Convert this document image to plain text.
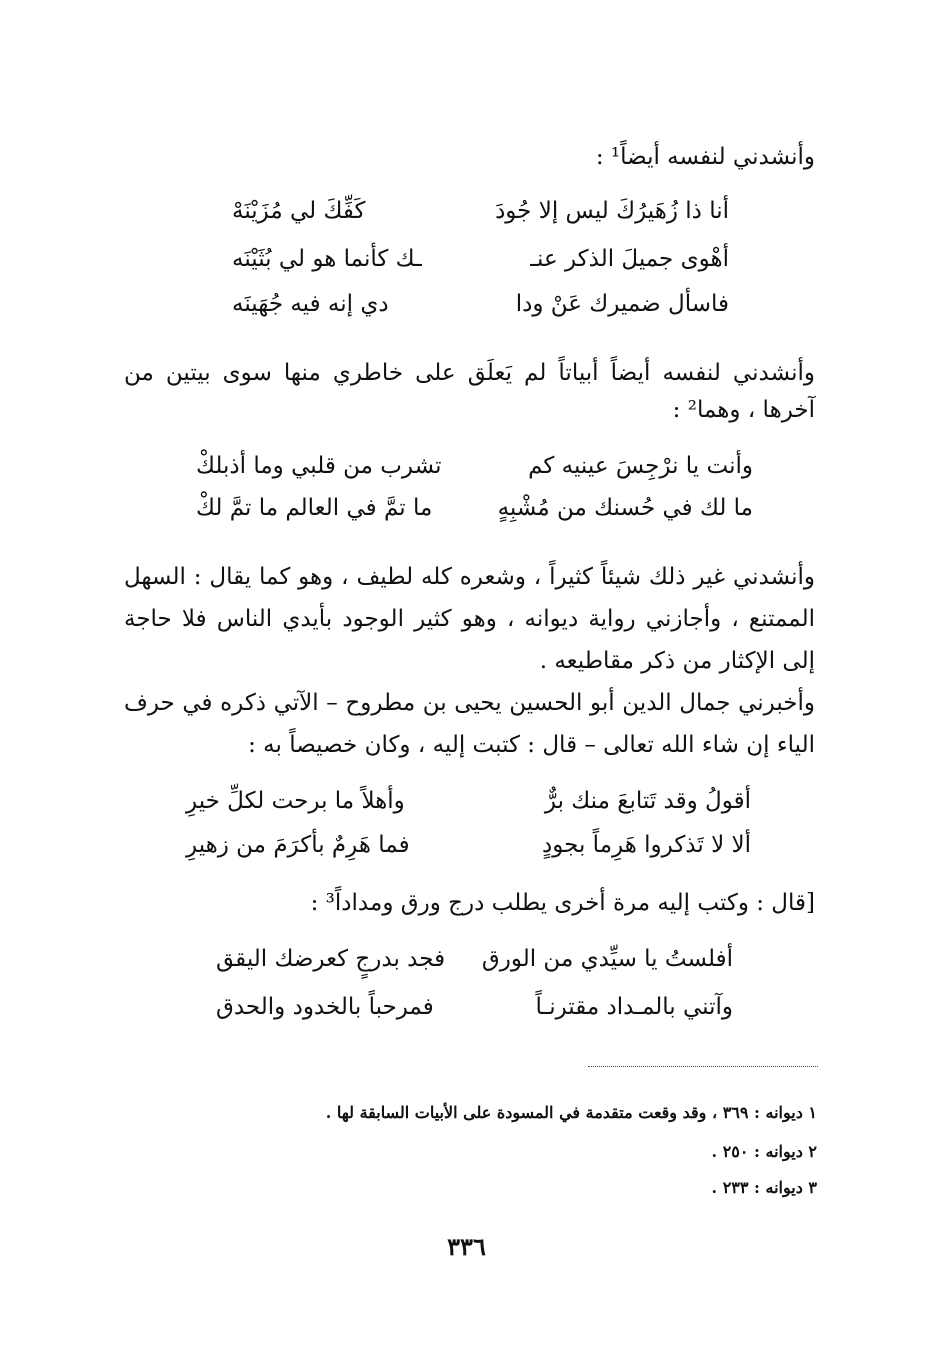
وأنشدني لنفسه أيضاً¹ :
أنا ذا زُهَيرُكَ ليس إلا جُودَ
كَفِّكَ لي مُزَيْنَهْ
أهْوى جميلَ الذكر عنـ
ـك كأنما هو لي بُثَيْنَه
فاسأل ضميرك عَنْ ودا
دي إنه فيه جُهَينَه
وأنشدني لنفسه أيضاً أبياتاً لم يَعلَق على خاطري منها سوى بيتين من
آخرها ، وهما² :
وأنت يا نرْجِسَ عينيه كم
تشرب من قلبي وما أذبلكْ
ما لك في حُسنك من مُشْبِهٍ
ما تمَّ في العالم ما تمَّ لكْ
وأنشدني غير ذلك شيئاً كثيراً ، وشعره كله لطيف ، وهو كما يقال : السهل
الممتنع ، وأجازني رواية ديوانه ، وهو كثير الوجود بأيدي الناس فلا حاجة
إلى الإكثار من ذكر مقاطيعه .
وأخبرني جمال الدين أبو الحسين يحيى بن مطروح – الآتي ذكره في حرف
الياء إن شاء الله تعالى – قال : كتبت إليه ، وكان خصيصاً به :
أقولُ وقد تَتابعَ منك برٌّ
وأهلاً ما برحت لكلِّ خيرِ
ألا لا تَذكروا هَرِماً بجودٍ
فما هَرِمٌ بأكرَمَ من زهيرِ
[قال : وكتب إليه مرة أخرى يطلب درج ورق ومداداً³ :
أفلستُ يا سيِّدي من الورق
فجد بدرجٍ كعرضك اليقق
وآتني بالمـداد مقترنـاً
فمرحباً بالخدود والحدق
١ ديوانه : ٣٦٩ ، وقد وقعت متقدمة في المسودة على الأبيات السابقة لها .
٢ ديوانه : ٢٥٠ .
٣ ديوانه : ٢٣٣ .
٣٣٦
